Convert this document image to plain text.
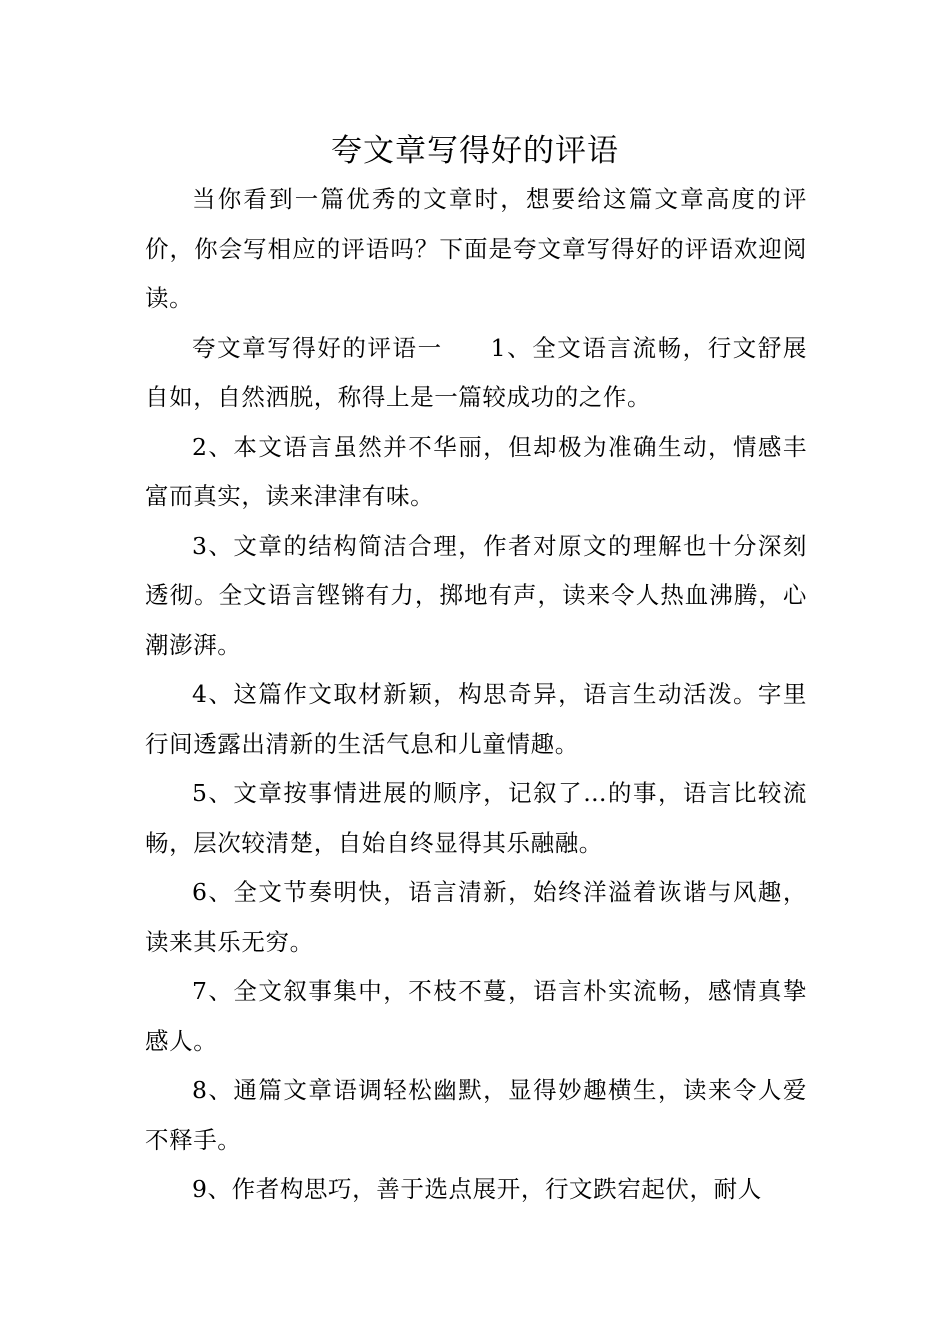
夸文章写得好的评语

当你看到一篇优秀的文章时，想要给这篇文章高度的评价，你会写相应的评语吗？下面是夸文章写得好的评语欢迎阅读。

夸文章写得好的评语一 1、全文语言流畅，行文舒展自如，自然洒脱，称得上是一篇较成功的之作。

2、本文语言虽然并不华丽，但却极为准确生动，情感丰富而真实，读来津津有味。

3、文章的结构简洁合理，作者对原文的理解也十分深刻透彻。全文语言铿锵有力，掷地有声，读来令人热血沸腾，心潮澎湃。

4、这篇作文取材新颖，构思奇异，语言生动活泼。字里行间透露出清新的生活气息和儿童情趣。

5、文章按事情进展的顺序，记叙了…的事，语言比较流畅，层次较清楚，自始自终显得其乐融融。

6、全文节奏明快，语言清新，始终洋溢着诙谐与风趣，读来其乐无穷。

7、全文叙事集中，不枝不蔓，语言朴实流畅，感情真挚感人。

8、通篇文章语调轻松幽默，显得妙趣横生，读来令人爱不释手。

9、作者构思巧，善于选点展开，行文跌宕起伏，耐人
